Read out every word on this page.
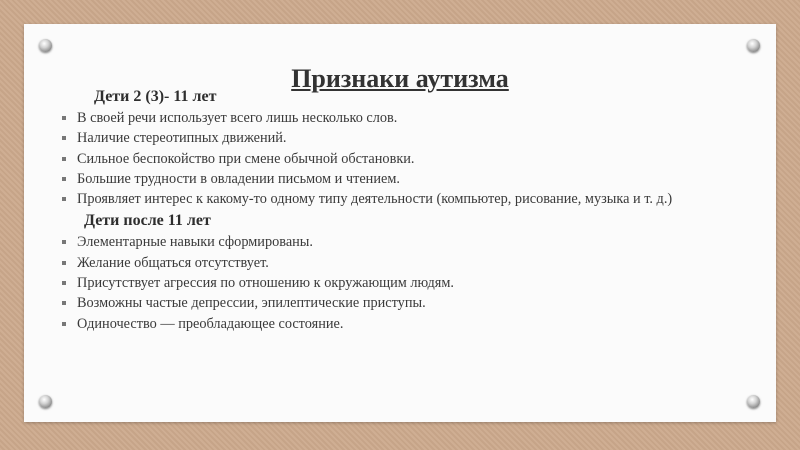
Признаки аутизма

Дети 2 (3)- 11 лет

В своей речи использует всего лишь несколько слов.
Наличие стереотипных движений.
Сильное беспокойство при смене обычной обстановки.
Большие трудности в овладении письмом и чтением.
Проявляет интерес к какому-то одному типу деятельности (компьютер, рисование, музыка и т. д.)

Дети после 11 лет

Элементарные навыки сформированы.
Желание общаться отсутствует.
Присутствует агрессия по отношению к окружающим людям.
Возможны частые депрессии, эпилептические приступы.
Одиночество — преобладающее состояние.
